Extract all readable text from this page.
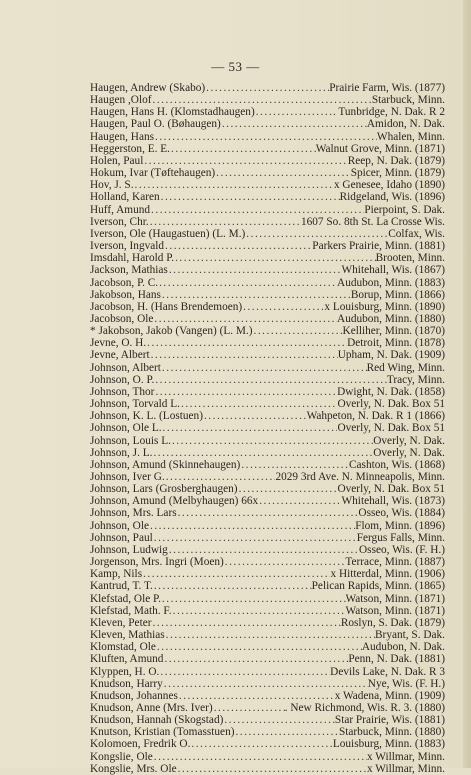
— 53 —
Haugen, Andrew (Skabo) .....	Prairie Farm, Wis. (1877)
Haugen ,Olof .....	Starbuck, Minn.
Haugen, Hans H. (Klomstadhaugen) .....	. Tunbridge, N. Dak. R 2
Haugen, Paul O. (Bøhaugen) .....	Amidon, N. Dak.
Haugen, Hans .....	Whalen, Minn.
Heggerston, E. E. .....	Walnut Grove, Minn. (1871)
Holen, Paul .....	Reep, N. Dak. (1879)
Hokum, Ivar (Tøftehaugen) .....	Spicer, Minn. (1879)
Hov, J. S. .....	x Genesee, Idaho (1890)
Holland, Karen .....	Ridgeland, Wis. (1896)
Huff, Amund .....	Pierpoint, S. Dak.
Iverson, Chr. .....	1607 So. 8th St. La Crosse Wis.
Iverson, Ole (Haugastuen) (L. M.) .....	Colfax, Wis.
Iverson, Ingvald .....	Parkers Prairie, Minn. (1881)
Imsdahl, Harold P. .....	Brooten, Minn.
Jackson, Mathias .....	Whitehall, Wis. (1867)
Jacobson, P. C. .....	Audubon, Minn. (1883)
Jakobson, Hans .....	Borup, Minn. (1866)
Jacobson, H. (Hans Brendemoen) .....	x Louisburg, Minn. (1890)
Jacobson, Ole .....	Audubon, Minn. (1880)
* Jakobson, Jakob (Vangen) (L. M.) .....	Kelliher, Minn. (1870)
Jevne, O. H. .....	Detroit, Minn. (1878)
Jevne, Albert .....	Upham, N. Dak. (1909)
Johnson, Albert .....	Red Wing, Minn.
Johnson, O. P. .....	Tracy, Minn.
Johnson, Thor .....	Dwight, N. Dak. (1858)
Johnson, Torvald L. .....	Overly, N. Dak. Box 51
Johnson, K. L. (Lostuen) .....	Wahpeton, N. Dak. R 1 (1866)
Johnson, Ole L. .....	Overly, N. Dak. Box 51
Johnson, Louis L. .....	Overly, N. Dak.
Johnson, J. L. .....	Overly, N. Dak.
Johnson, Amund (Skinnehaugen) .....	Cashton, Wis. (1868)
Johnson, Iver G. .....	2029 3rd Ave. N. Minneapolis, Minn.
Johnson, Lars (Grosberghaugen) .....	Overly, N. Dak. Box 51
Johnson, Amund (Melbyhaugen) 66x .....	Whitehall, Wis. (1873)
Johnson, Mrs. Lars .....	Osseo, Wis. (1884)
Johnson, Ole .....	Flom, Minn. (1896)
Johnson, Paul .....	Fergus Falls, Minn.
Johnson, Ludwig .....	Osseo, Wis. (F. H.)
Jorgenson, Mrs. Ingri (Moen) .....	Terrace, Minn. (1887)
Kamp, Nils .....	x Hitterdal, Minn. (1906)
Kantrud, T. T. .....	Pelican Rapids, Minn. (1865)
Klefstad, Ole P. .....	Watson, Minn. (1871)
Klefstad, Math. F. .....	Watson, Minn. (1871)
Kleven, Peter .....	Roslyn, S. Dak. (1879)
Kleven, Mathias .....	Bryant, S. Dak.
Klomstad, Ole .....	Audubon, N. Dak.
Kluften, Amund .....	Penn, N. Dak. (1881)
Klyppen, H. O. .....	Devils Lake, N. Dak. R 3
Knudson, Harry .....	Nye, Wis. (F. H.)
Knudson, Johannes .....	x Wadena, Minn. (1909)
Knudson, Anne (Mrs. Iver) .....	. New Richmond, Wis. R. 3. (1880)
Knudson, Hannah (Skogstad) .....	Star Prairie, Wis. (1881)
Knutson, Kristian (Tomasstuen) .....	Starbuck, Minn. (1880)
Kolomoen, Fredrik O. .....	Louisburg, Minn. (1883)
Kongslie, Ole .....	x Willmar, Minn.
Kongslie, Mrs. Ole .....	x Willmar, Minn.
